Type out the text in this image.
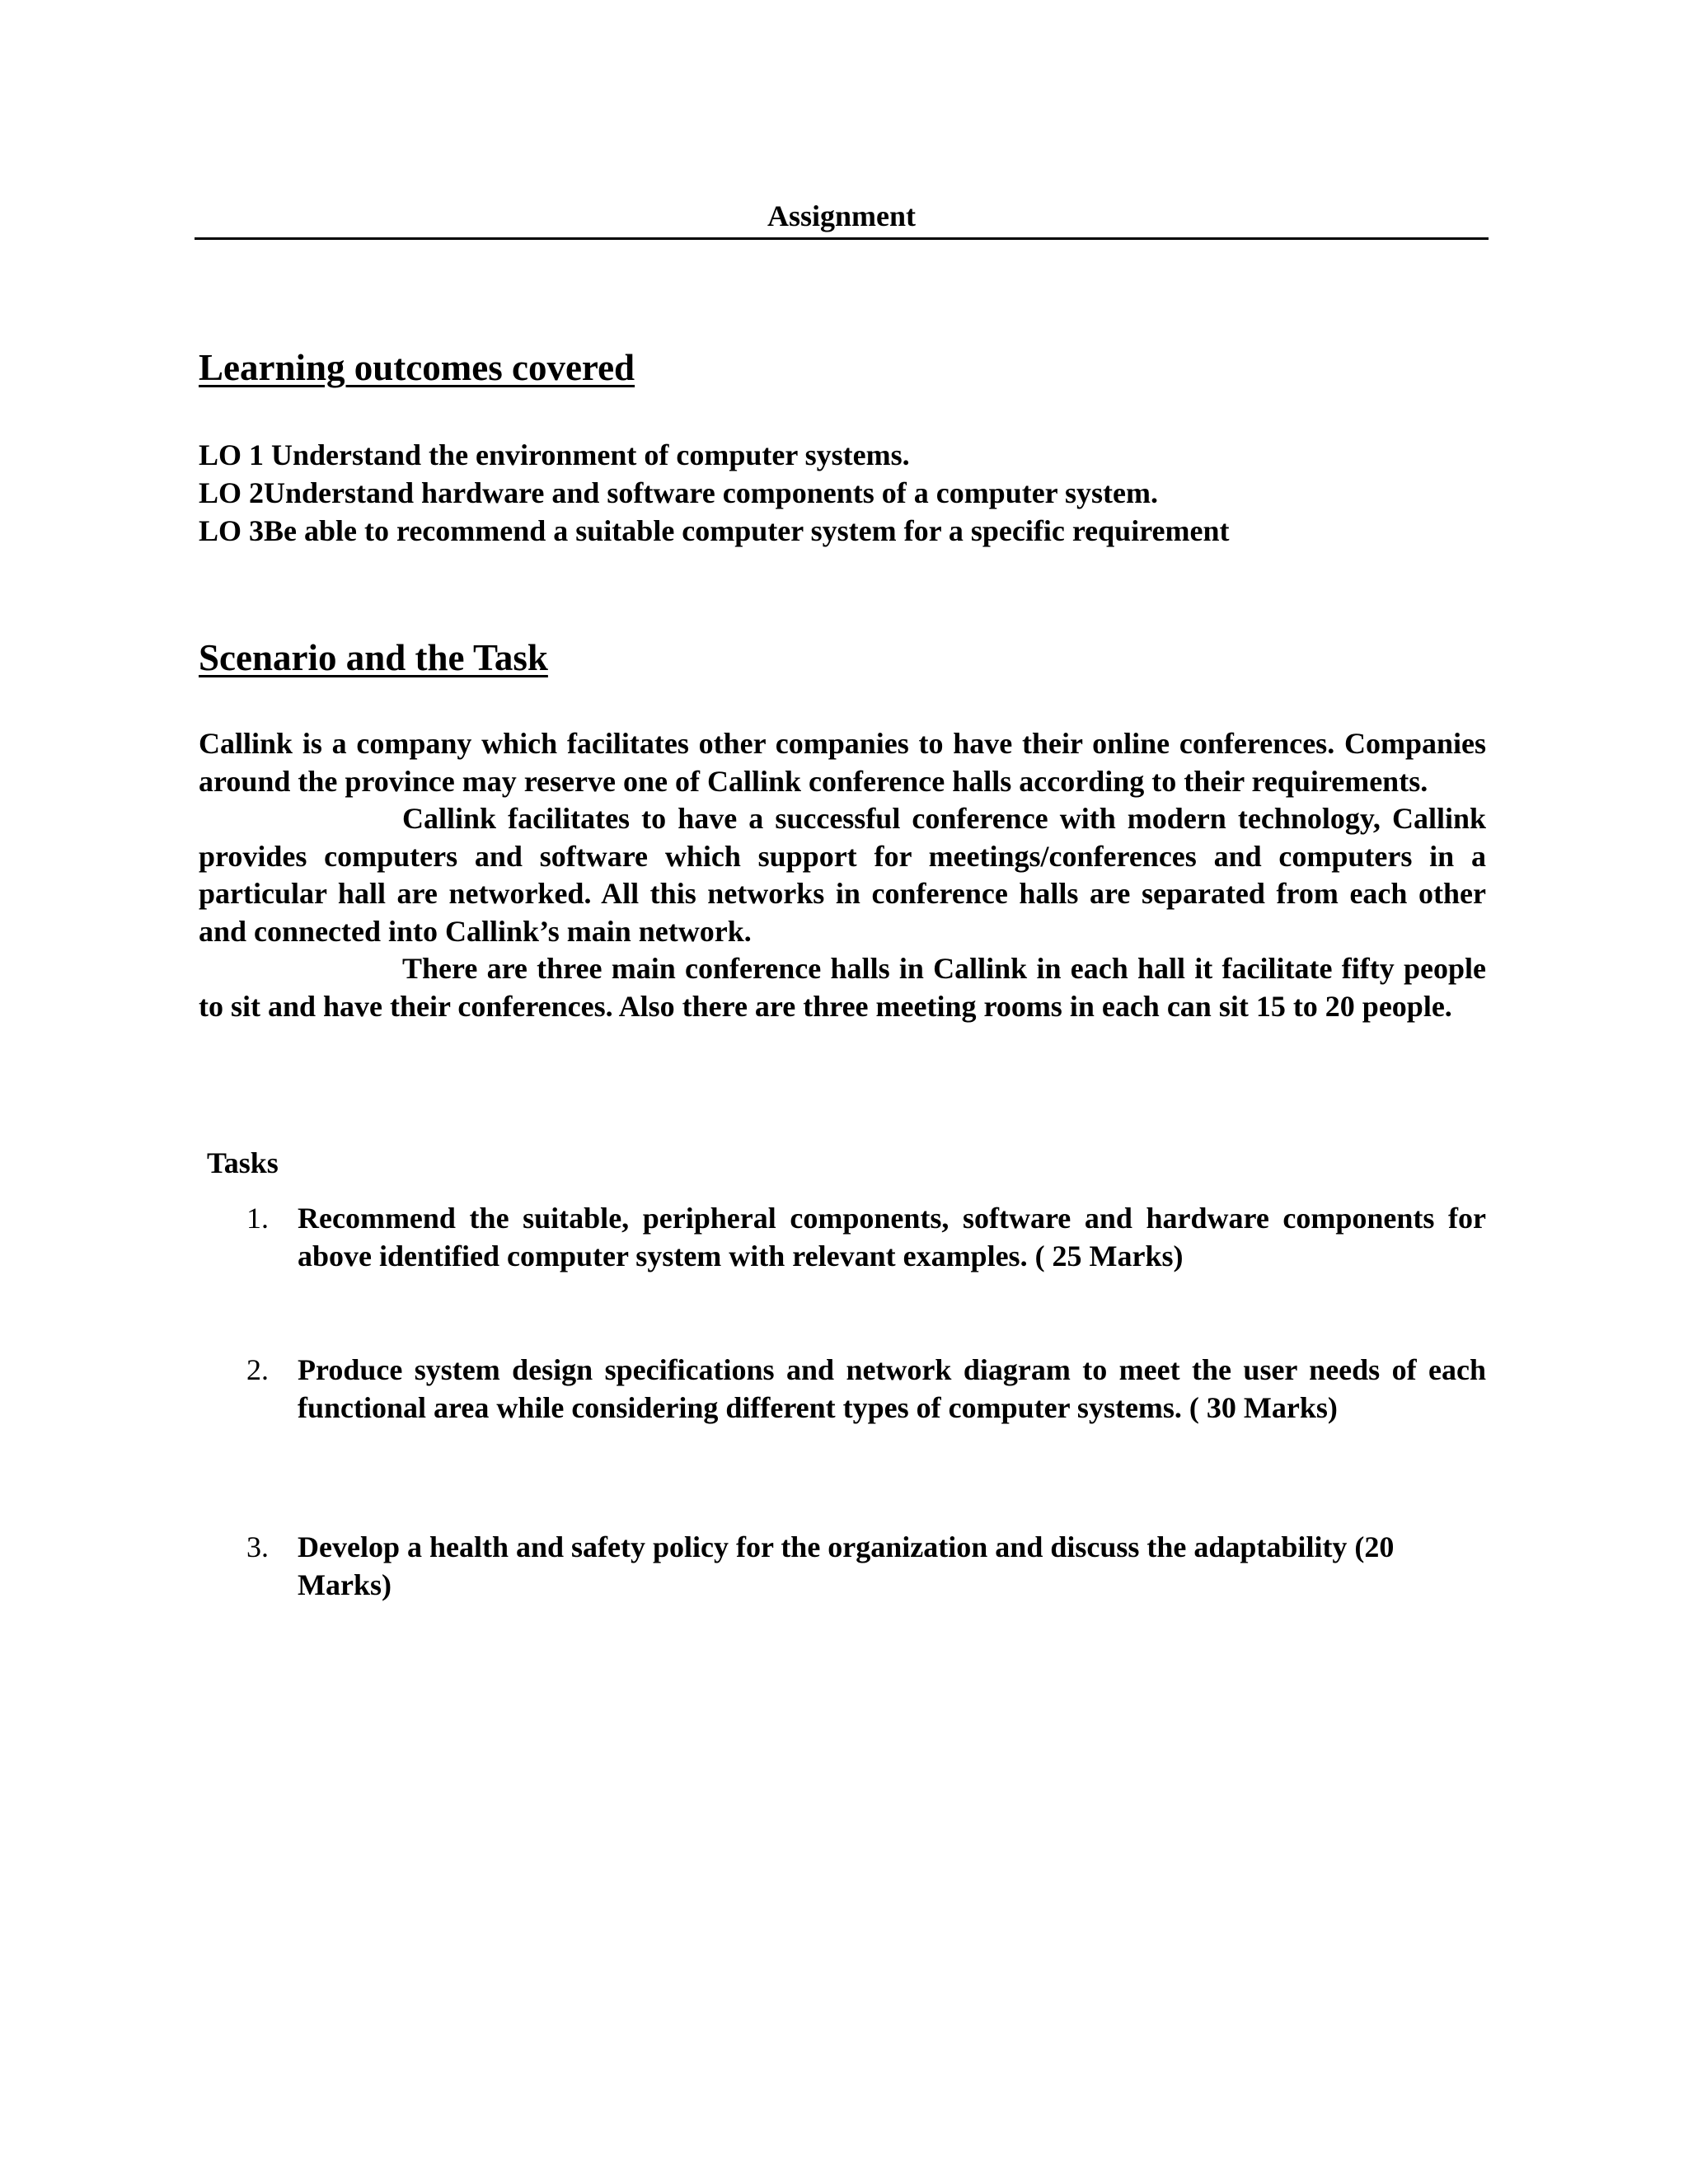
Assignment
Learning outcomes covered
LO 1 Understand the environment of computer systems.
LO 2Understand hardware and software components of a computer system.
LO 3Be able to recommend a suitable computer system for a specific requirement
Scenario and the Task

Callink is a company which facilitates other companies to have their online conferences. Companies around the province may reserve one of Callink conference halls according to their requirements.

Callink facilitates to have a successful conference with modern technology, Callink provides computers and software which support for meetings/conferences and computers in a particular hall are networked. All this networks in conference halls are separated from each other and connected into Callink’s main network.

There are three main conference halls in Callink in each hall it facilitate fifty people to sit and have their conferences. Also there are three meeting rooms in each can sit 15 to 20 people.

Tasks
1. Recommend the suitable, peripheral components, software and hardware components for above identified computer system with relevant examples. ( 25 Marks)
2. Produce system design specifications and network diagram to meet the user needs of each functional area while considering different types of computer systems. ( 30 Marks)
3. Develop a health and safety policy for the organization and discuss the adaptability (20 Marks)
